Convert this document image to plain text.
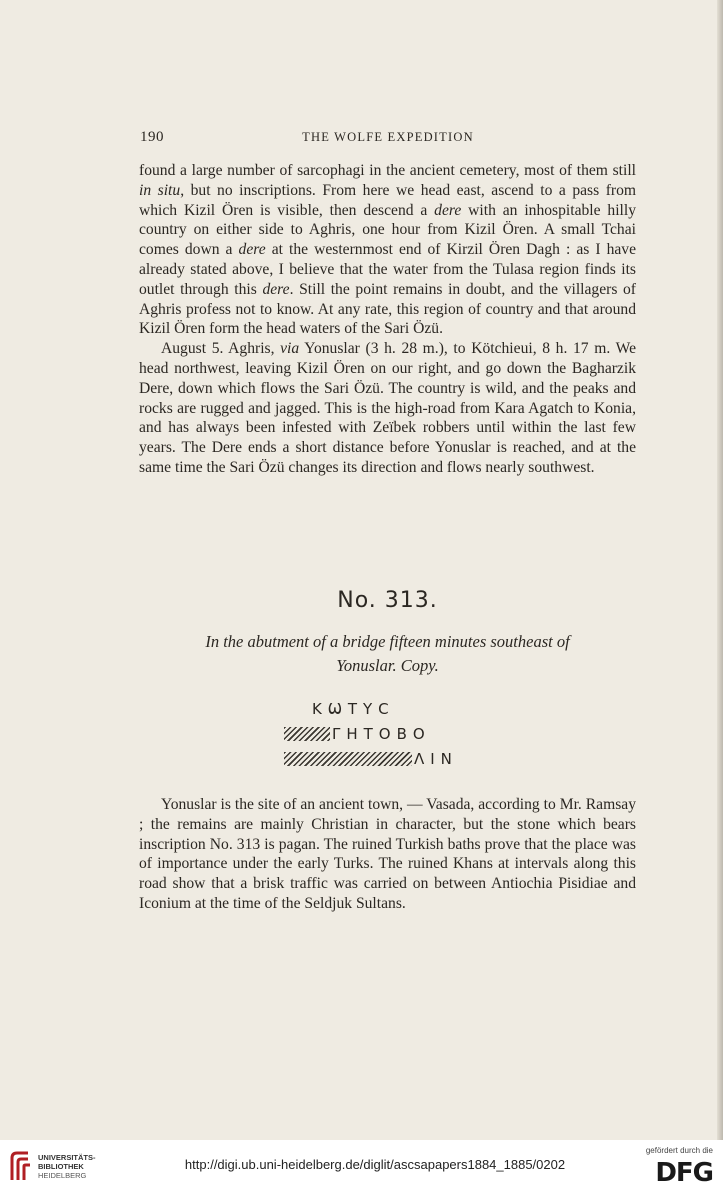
190	THE WOLFE EXPEDITION

found a large number of sarcophagi in the ancient cemetery, most of them still in situ, but no inscriptions. From here we head east, ascend to a pass from which Kizil Ören is visible, then descend a dere with an inhospitable hilly country on either side to Aghris, one hour from Kizil Ören. A small Tchai comes down a dere at the westernmost end of Kirzil Ören Dagh : as I have already stated above, I believe that the water from the Tulasa region finds its outlet through this dere. Still the point remains in doubt, and the villagers of Aghris profess not to know. At any rate, this region of country and that around Kizil Ören form the head waters of the Sari Özü.

August 5. Aghris, via Yonuslar (3 h. 28 m.), to Kötchieui, 8 h. 17 m. We head northwest, leaving Kizil Ören on our right, and go down the Bagharzik Dere, down which flows the Sari Özü. The country is wild, and the peaks and rocks are rugged and jagged. This is the high-road from Kara Agatch to Konia, and has always been infested with Zeïbek robbers until within the last few years. The Dere ends a short distance before Yonuslar is reached, and at the same time the Sari Özü changes its direction and flows nearly southwest.

No. 313.
In the abutment of a bridge fifteen minutes southeast of
Yonuslar. Copy.
ΚѠΤΥϹ
ΓΗΤΟΒΟ
ΛΙΝ

Yonuslar is the site of an ancient town, — Vasada, according to Mr. Ramsay ; the remains are mainly Christian in character, but the stone which bears inscription No. 313 is pagan. The ruined Turkish baths prove that the place was of importance under the early Turks. The ruined Khans at intervals along this road show that a brisk traffic was carried on between Antiochia Pisidiae and Iconium at the time of the Seldjuk Sultans.

UNIVERSITÄTS-
BIBLIOTHEK
HEIDELBERG
http://digi.ub.uni-heidelberg.de/diglit/ascsapapers1884_1885/0202
gefördert durch die
DFG
